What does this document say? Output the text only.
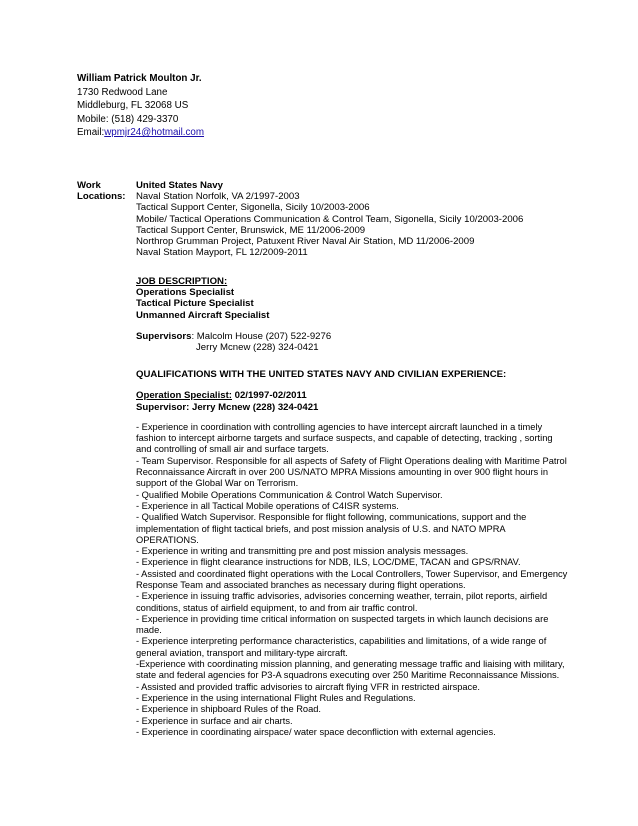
William Patrick Moulton Jr.
1730 Redwood Lane
Middleburg, FL 32068 US
Mobile: (518) 429-3370
Email:wpmjr24@hotmail.com
Work
Locations:
United States Navy
Naval Station Norfolk, VA 2/1997-2003
Tactical Support Center, Sigonella, Sicily 10/2003-2006
Mobile/ Tactical Operations Communication & Control Team, Sigonella, Sicily 10/2003-2006
Tactical Support Center, Brunswick, ME 11/2006-2009
Northrop Grumman Project, Patuxent River Naval Air Station, MD 11/2006-2009
Naval Station Mayport, FL 12/2009-2011
JOB DESCRIPTION:
Operations Specialist
Tactical Picture Specialist
Unmanned Aircraft Specialist
Supervisors: Malcolm House (207) 522-9276
Jerry Mcnew (228) 324-0421
QUALIFICATIONS WITH THE UNITED STATES NAVY AND CIVILIAN EXPERIENCE:
Operation Specialist: 02/1997-02/2011
Supervisor: Jerry Mcnew (228) 324-0421
- Experience in coordination with controlling agencies to have intercept aircraft launched in a timely fashion to intercept airborne targets and surface suspects, and capable of detecting, tracking , sorting and controlling of small air and surface targets.
- Team Supervisor. Responsible for all aspects of Safety of Flight Operations dealing with Maritime Patrol Reconnaissance Aircraft in over 200 US/NATO MPRA Missions amounting in over 900 flight hours in support of the Global War on Terrorism.
- Qualified Mobile Operations Communication & Control Watch Supervisor.
- Experience in all Tactical Mobile operations of C4ISR systems.
- Qualified Watch Supervisor. Responsible for flight following, communications, support and the implementation of flight tactical briefs, and post mission analysis of U.S. and NATO MPRA OPERATIONS.
- Experience in writing and transmitting pre and post mission analysis messages.
- Experience in flight clearance instructions for NDB, ILS, LOC/DME, TACAN and GPS/RNAV.
- Assisted and coordinated flight operations with the Local Controllers, Tower Supervisor, and Emergency Response Team and associated branches as necessary during flight operations.
- Experience in issuing traffic advisories, advisories concerning weather, terrain, pilot reports, airfield conditions, status of airfield equipment, to and from air traffic control.
- Experience in providing time critical information on suspected targets in which launch decisions are made.
- Experience interpreting performance characteristics, capabilities and limitations, of a wide range of general aviation, transport and military-type aircraft.
-Experience with coordinating mission planning, and generating message traffic and liaising with military, state and federal agencies for P3-A squadrons executing over 250 Maritime Reconnaissance Missions.
- Assisted and provided traffic advisories to aircraft flying VFR in restricted airspace.
- Experience in the using international Flight Rules and Regulations.
- Experience in shipboard Rules of the Road.
- Experience in surface and air charts.
- Experience in coordinating airspace/ water space deconfliction with external agencies.
